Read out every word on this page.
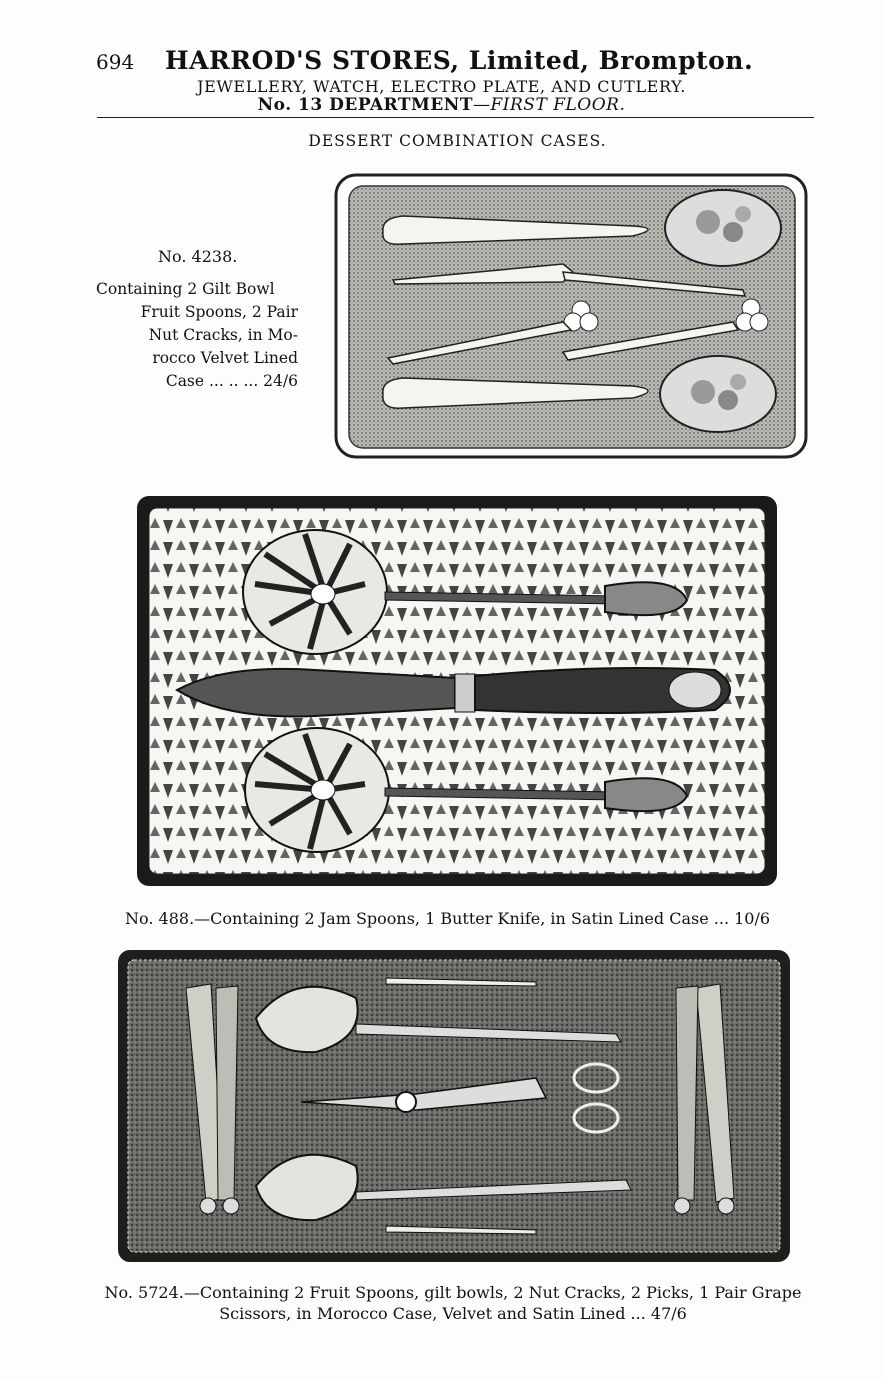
694 HARROD'S STORES, Limited, Brompton.
JEWELLERY, WATCH, ELECTRO PLATE, AND CUTLERY.
No. 13 DEPARTMENT—FIRST FLOOR.
DESSERT COMBINATION CASES.
No. 4238.
Containing 2 Gilt Bowl
Fruit Spoons, 2 Pair
Nut Cracks, in Mo-
rocco Velvet Lined
Case ... .. ... 24/6
No. 488.—Containing 2 Jam Spoons, 1 Butter Knife, in Satin Lined Case ... 10/6
No. 5724.—Containing 2 Fruit Spoons, gilt bowls, 2 Nut Cracks, 2 Picks, 1 Pair Grape
Scissors, in Morocco Case, Velvet and Satin Lined ... 47/6
